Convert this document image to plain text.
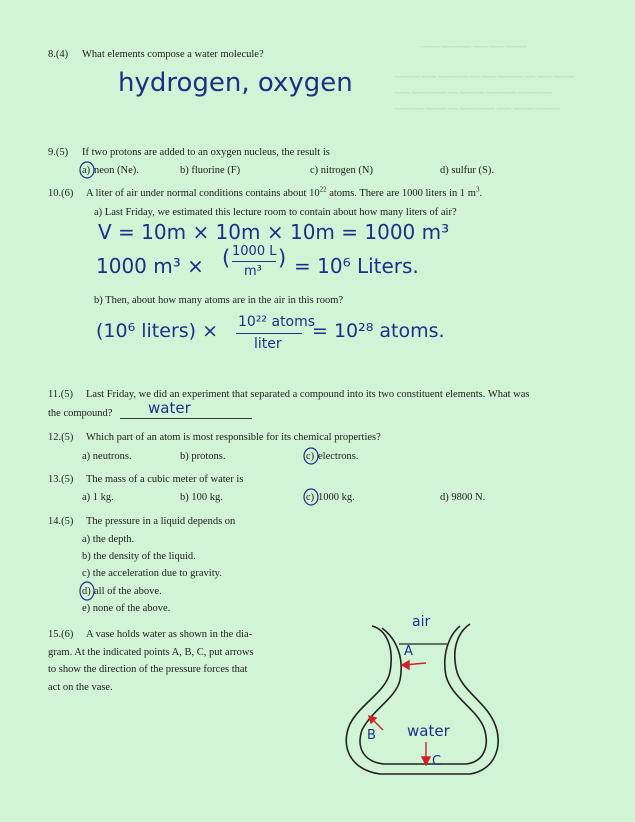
~~~~ ~~~~~~ ~~~ ~~~ ~~~~
~~~~~ ~~~ ~~~~~~ ~~ ~~~ ~~~~~ ~~ ~~~ ~~~~
~~~ ~~~~~~~ ~~ ~~~~~ ~~~~~~ ~~~~~~~
~~~~~~ ~~~~ ~~ ~~~~~~~ ~~~ ~~~~ ~~~~~
8.(4) What elements compose a water molecule?
hydrogen, oxygen
9.(5) If two protons are added to an oxygen nucleus, the result is
a) neon (Ne).	b) fluorine (F)	c) nitrogen (N)	d) sulfur (S).
10.(6) A liter of air under normal conditions contains about $10^{22}$ atoms. There are 1000 liters in 1 $m^3$.
a) Last Friday, we estimated this lecture room to contain about how many liters of air?
V = 10m × 10m × 10m = 1000 m³
1000 m³ × ( 1000 L
m³
) = 10⁶ Liters.
b) Then, about how many atoms are in the air in this room?
(10⁶ liters) × 10²² atoms
liter
= 10²⁸ atoms.
11.(5) Last Friday, we did an experiment that separated a compound into its two constituent elements. What was
the compound? water
12.(5) Which part of an atom is most responsible for its chemical properties?
a) neutrons.	b) protons.	c) electrons.
13.(5) The mass of a cubic meter of water is
a) 1 kg.	b) 100 kg.	c) 1000 kg.	d) 9800 N.
14.(5) The pressure in a liquid depends on
a) the depth.
b) the density of the liquid.
c) the acceleration due to gravity.
d) all of the above.
e) none of the above.
15.(6) A vase holds water as shown in the dia-
gram. At the indicated points A, B, C, put arrows
to show the direction of the pressure forces that
act on the vase.
air
A
water
B
C
